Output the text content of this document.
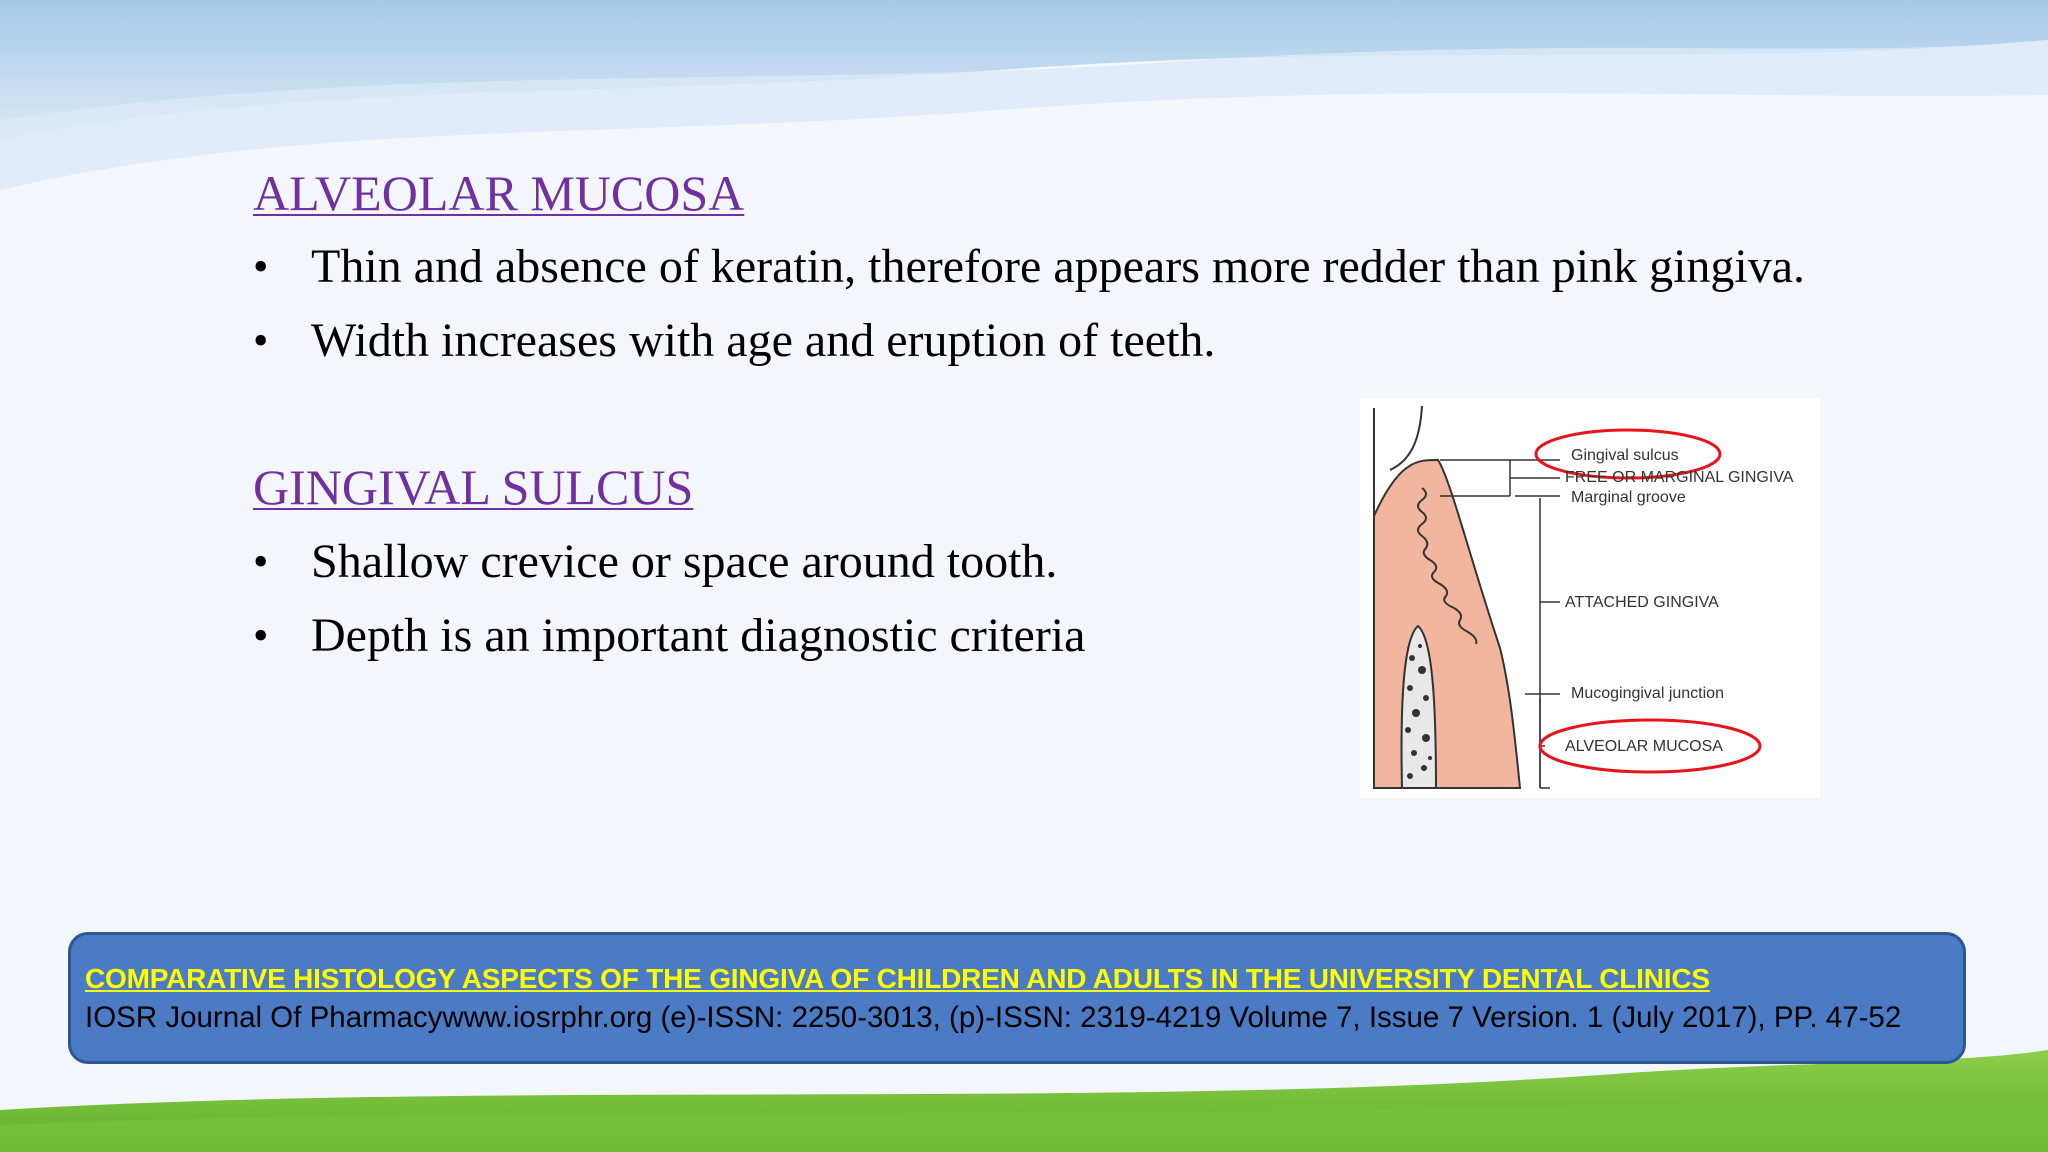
ALVEOLAR MUCOSA
• Thin and absence of keratin, therefore appears more redder than pink gingiva.
• Width increases with age and eruption of teeth.
GINGIVAL SULCUS
• Shallow crevice or space around tooth.
• Depth is an important diagnostic criteria
Gingival sulcus
FREE OR MARGINAL GINGIVA
Marginal groove
ATTACHED GINGIVA
Mucogingival junction
ALVEOLAR MUCOSA
COMPARATIVE HISTOLOGY ASPECTS OF THE GINGIVA OF CHILDREN AND ADULTS IN THE UNIVERSITY DENTAL CLINICS
IOSR Journal Of Pharmacywww.iosrphr.org (e)-ISSN: 2250-3013, (p)-ISSN: 2319-4219 Volume 7, Issue 7 Version. 1 (July 2017), PP. 47-52
